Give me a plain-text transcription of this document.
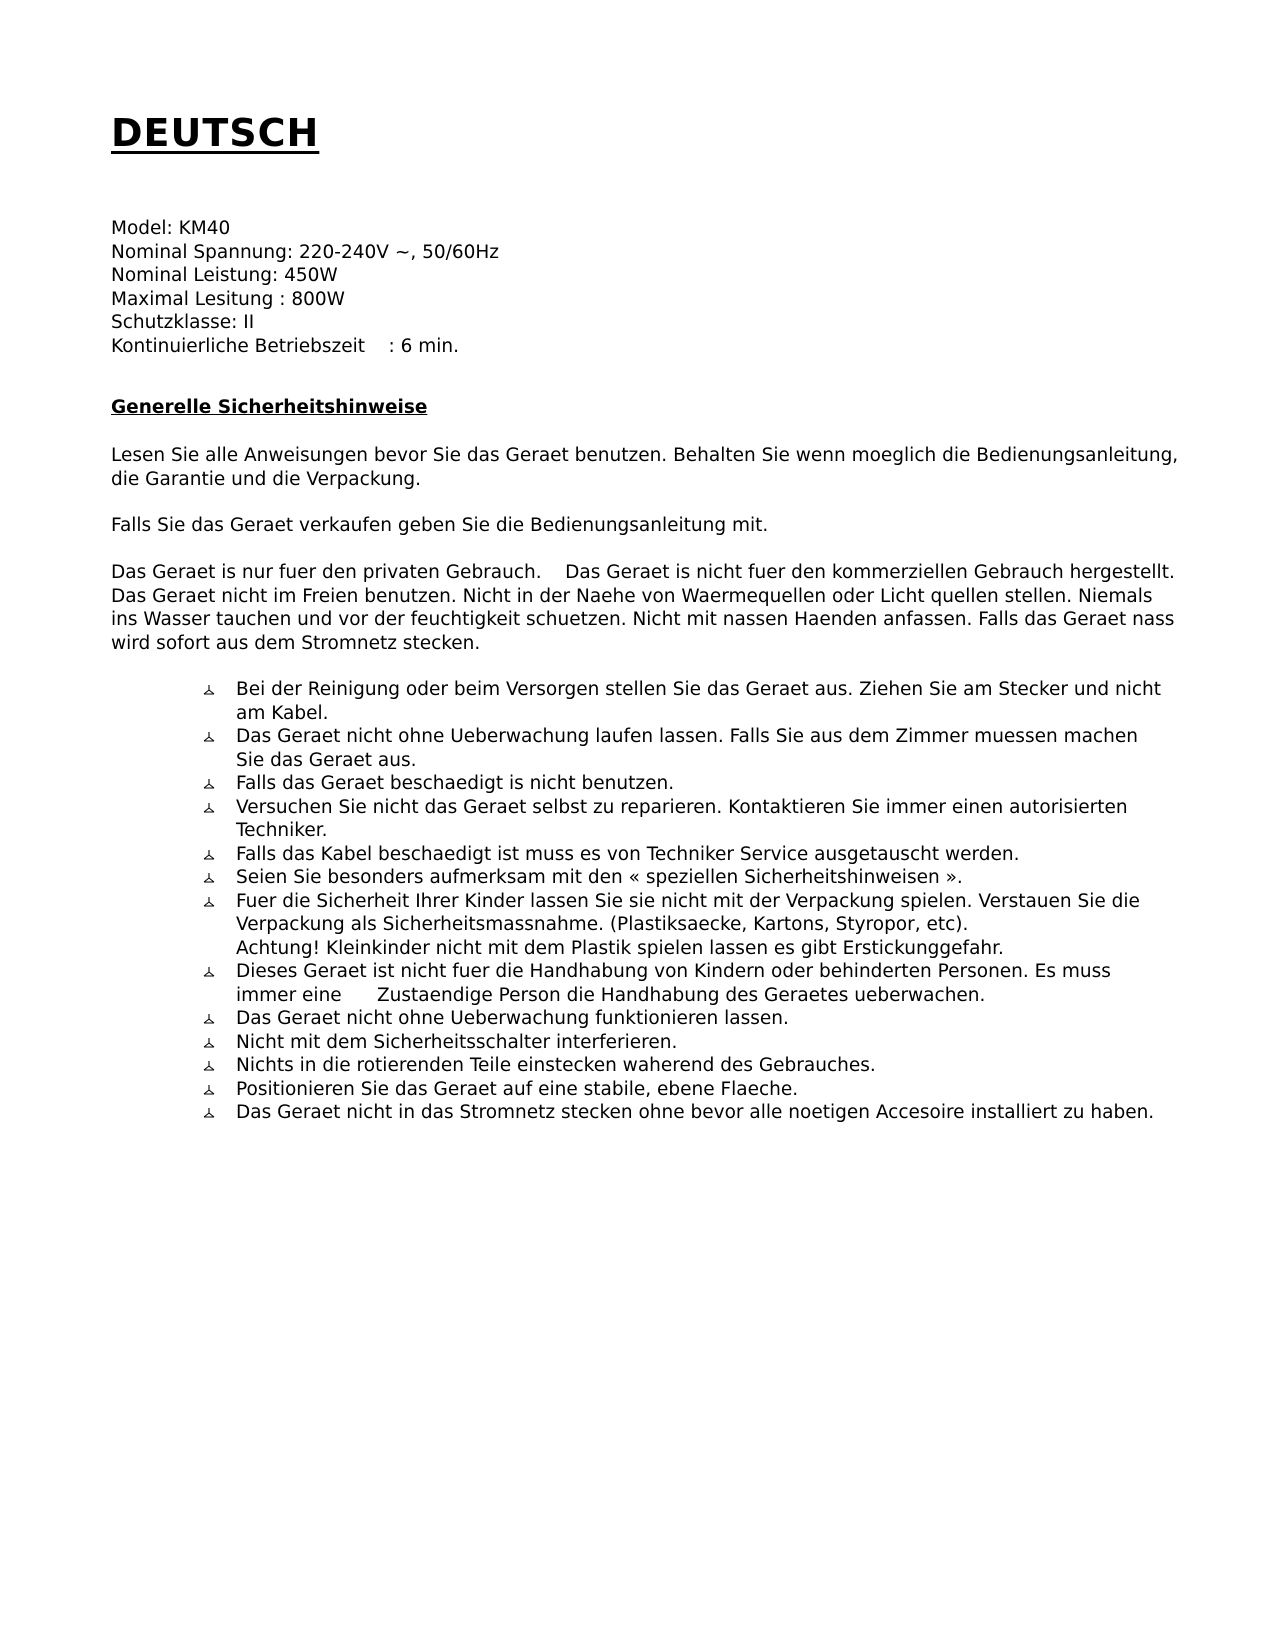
DEUTSCH
Model: KM40
Nominal Spannung: 220-240V ~, 50/60Hz
Nominal Leistung: 450W
Maximal Lesitung : 800W
Schutzklasse: II
Kontinuierliche Betriebszeit    : 6 min.
Generelle Sicherheitshinweise

Lesen Sie alle Anweisungen bevor Sie das Geraet benutzen. Behalten Sie wenn moeglich die Bedienungsanleitung,
die Garantie und die Verpackung.

Falls Sie das Geraet verkaufen geben Sie die Bedienungsanleitung mit.

Das Geraet is nur fuer den privaten Gebrauch.    Das Geraet is nicht fuer den kommerziellen Gebrauch hergestellt.
Das Geraet nicht im Freien benutzen. Nicht in der Naehe von Waermequellen oder Licht quellen stellen. Niemals
ins Wasser tauchen und vor der feuchtigkeit schuetzen. Nicht mit nassen Haenden anfassen. Falls das Geraet nass
wird sofort aus dem Stromnetz stecken.

Bei der Reinigung oder beim Versorgen stellen Sie das Geraet aus. Ziehen Sie am Stecker und nicht
am Kabel.
Das Geraet nicht ohne Ueberwachung laufen lassen. Falls Sie aus dem Zimmer muessen machen
Sie das Geraet aus.
Falls das Geraet beschaedigt is nicht benutzen.
Versuchen Sie nicht das Geraet selbst zu reparieren. Kontaktieren Sie immer einen autorisierten
Techniker.
Falls das Kabel beschaedigt ist muss es von Techniker Service ausgetauscht werden.
Seien Sie besonders aufmerksam mit den « speziellen Sicherheitshinweisen ».
Fuer die Sicherheit Ihrer Kinder lassen Sie sie nicht mit der Verpackung spielen. Verstauen Sie die
Verpackung als Sicherheitsmassnahme. (Plastiksaecke, Kartons, Styropor, etc).
Achtung! Kleinkinder nicht mit dem Plastik spielen lassen es gibt Erstickunggefahr.
Dieses Geraet ist nicht fuer die Handhabung von Kindern oder behinderten Personen. Es muss
immer eine      Zustaendige Person die Handhabung des Geraetes ueberwachen.
Das Geraet nicht ohne Ueberwachung funktionieren lassen.
Nicht mit dem Sicherheitsschalter interferieren.
Nichts in die rotierenden Teile einstecken waherend des Gebrauches.
Positionieren Sie das Geraet auf eine stabile, ebene Flaeche.
Das Geraet nicht in das Stromnetz stecken ohne bevor alle noetigen Accesoire installiert zu haben.
